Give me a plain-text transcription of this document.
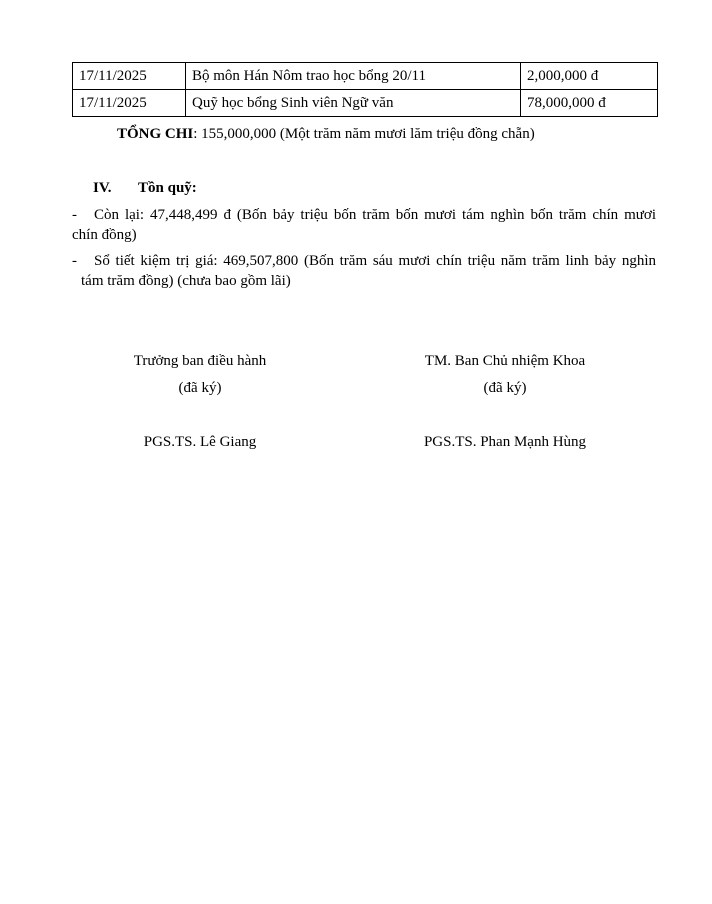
17/11/2025	Bộ môn Hán Nôm trao học bổng 20/11	2,000,000 đ
17/11/2025	Quỹ học bổng Sinh viên Ngữ văn	78,000,000 đ
TỔNG CHI: 155,000,000 (Một trăm năm mươi lăm triệu đồng chẵn)
IV. Tồn quỹ:
-	Còn lại: 47,448,499 đ (Bốn bảy triệu bốn trăm bốn mươi tám nghìn bốn trăm chín mươi
chín đồng)
-	Sổ tiết kiệm trị giá: 469,507,800 (Bốn trăm sáu mươi chín triệu năm trăm linh bảy nghìn
tám trăm đồng) (chưa bao gồm lãi)
Trưởng ban điều hành
(đã ký)
PGS.TS. Lê Giang
TM. Ban Chủ nhiệm Khoa
(đã ký)
PGS.TS. Phan Mạnh Hùng
